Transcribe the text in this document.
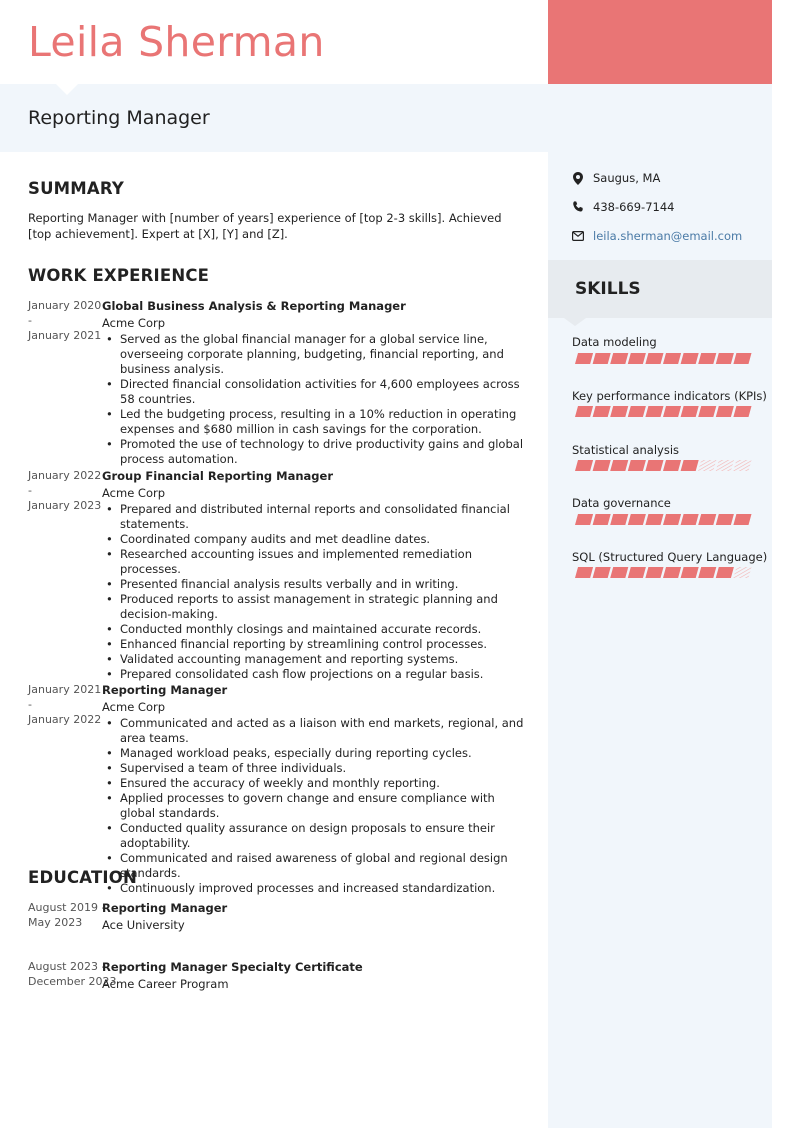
Leila Sherman
Reporting Manager
Saugus, MA
438-669-7144
leila.sherman@email.com
SKILLS
Data modeling
Key performance indicators (KPIs)
Statistical analysis
Data governance
SQL (Structured Query Language)
SUMMARY
Reporting Manager with [number of years] experience of [top 2-3 skills]. Achieved [top achievement]. Expert at [X], [Y] and [Z].
WORK EXPERIENCE
January 2020
-
January 2021
Global Business Analysis & Reporting Manager
Acme Corp
• Served as the global financial manager for a global service line, overseeing corporate planning, budgeting, financial reporting, and business analysis.
• Directed financial consolidation activities for 4,600 employees across 58 countries.
• Led the budgeting process, resulting in a 10% reduction in operating expenses and $680 million in cash savings for the corporation.
• Promoted the use of technology to drive productivity gains and global process automation.
January 2022
-
January 2023
Group Financial Reporting Manager
Acme Corp
• Prepared and distributed internal reports and consolidated financial statements.
• Coordinated company audits and met deadline dates.
• Researched accounting issues and implemented remediation processes.
• Presented financial analysis results verbally and in writing.
• Produced reports to assist management in strategic planning and decision-making.
• Conducted monthly closings and maintained accurate records.
• Enhanced financial reporting by streamlining control processes.
• Validated accounting management and reporting systems.
• Prepared consolidated cash flow projections on a regular basis.
January 2021
-
January 2022
Reporting Manager
Acme Corp
• Communicated and acted as a liaison with end markets, regional, and area teams.
• Managed workload peaks, especially during reporting cycles.
• Supervised a team of three individuals.
• Ensured the accuracy of weekly and monthly reporting.
• Applied processes to govern change and ensure compliance with global standards.
• Conducted quality assurance on design proposals to ensure their adoptability.
• Communicated and raised awareness of global and regional design standards.
• Continuously improved processes and increased standardization.
EDUCATION
August 2019 -
May 2023
Reporting Manager
Ace University
August 2023 -
December 2023
Reporting Manager Specialty Certificate
Acme Career Program
